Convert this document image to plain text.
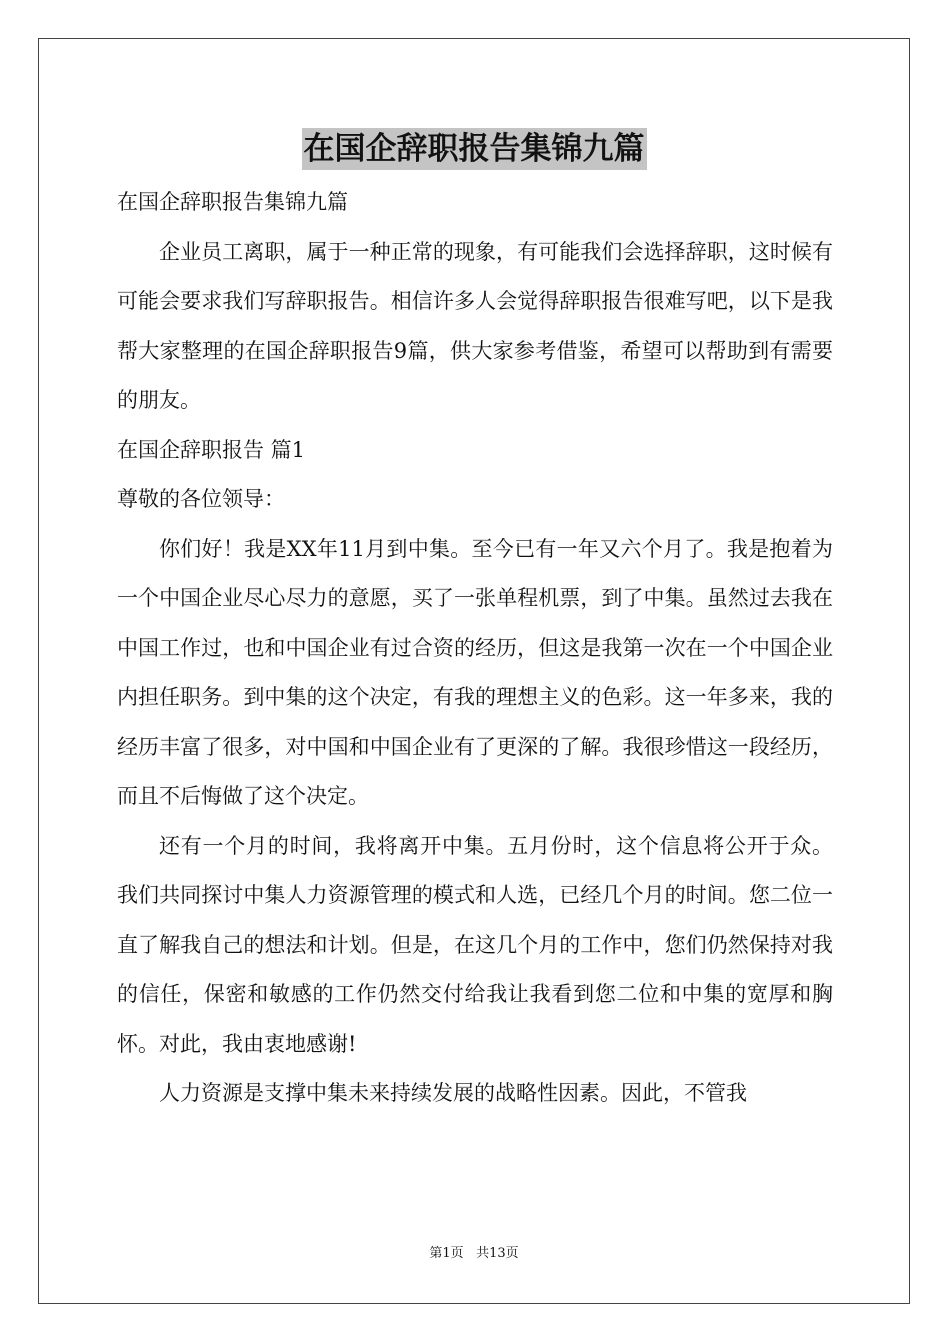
在国企辞职报告集锦九篇

在国企辞职报告集锦九篇

企业员工离职，属于一种正常的现象，有可能我们会选择辞职，这时候有可能会要求我们写辞职报告。相信许多人会觉得辞职报告很难写吧，以下是我帮大家整理的在国企辞职报告9篇，供大家参考借鉴，希望可以帮助到有需要的朋友。

在国企辞职报告 篇1

尊敬的各位领导：

你们好！我是XX年11月到中集。至今已有一年又六个月了。我是抱着为一个中国企业尽心尽力的意愿，买了一张单程机票，到了中集。虽然过去我在中国工作过，也和中国企业有过合资的经历，但这是我第一次在一个中国企业内担任职务。到中集的这个决定，有我的理想主义的色彩。这一年多来，我的经历丰富了很多，对中国和中国企业有了更深的了解。我很珍惜这一段经历，而且不后悔做了这个决定。

还有一个月的时间，我将离开中集。五月份时，这个信息将公开于众。 我们共同探讨中集人力资源管理的模式和人选，已经几个月的时间。您二位一直了解我自己的想法和计划。但是，在这几个月的工作中，您们仍然保持对我的信任，保密和敏感的工作仍然交付给我让我看到您二位和中集的宽厚和胸怀。对此，我由衷地感谢!

人力资源是支撑中集未来持续发展的战略性因素。因此，不管我

第1页 共13页
